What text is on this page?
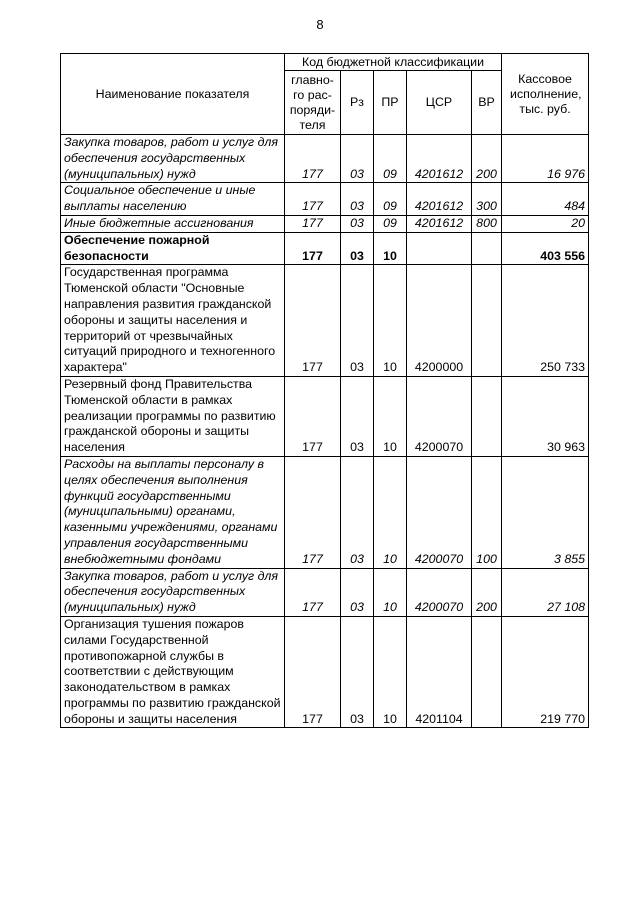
8
Наименование показателя	Код бюджетной классификации					Кассовое исполнение, тыс. руб.
	главно-го рас-поряди-теля	Рз	ПР	ЦСР	ВР	
Закупка товаров, работ и услуг для обеспечения государственных (муниципальных) нужд	177	03	09	4201612	200	16 976
Социальное обеспечение и иные выплаты населению	177	03	09	4201612	300	484
Иные бюджетные ассигнования	177	03	09	4201612	800	20
Обеспечение пожарной безопасности	177	03	10			403 556
Государственная программа Тюменской области "Основные направления развития гражданской обороны и защиты населения и территорий от чрезвычайных ситуаций природного и техногенного характера"	177	03	10	4200000		250 733
Резервный фонд Правительства Тюменской области в рамках реализации программы по развитию гражданской обороны и защиты населения	177	03	10	4200070		30 963
Расходы на выплаты персоналу в целях обеспечения выполнения функций государственными (муниципальными) органами, казенными учреждениями, органами управления государственными внебюджетными фондами	177	03	10	4200070	100	3 855
Закупка товаров, работ и услуг для обеспечения государственных (муниципальных) нужд	177	03	10	4200070	200	27 108
Организация тушения пожаров силами Государственной противопожарной службы в соответствии с действующим законодательством в рамках программы по развитию гражданской обороны и защиты населения	177	03	10	4201104		219 770
